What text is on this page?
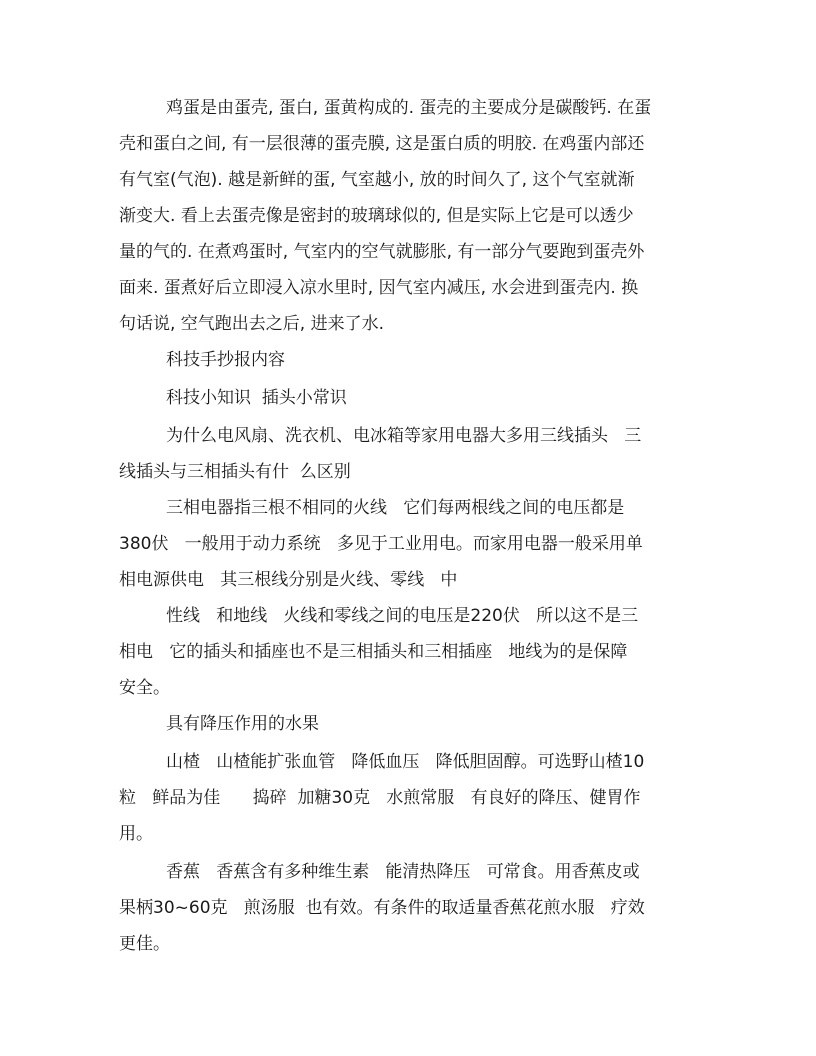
鸡蛋是由蛋壳, 蛋白, 蛋黄构成的. 蛋壳的主要成分是碳酸钙. 在蛋

壳和蛋白之间, 有一层很薄的蛋壳膜, 这是蛋白质的明胶. 在鸡蛋内部还

有气室(气泡). 越是新鲜的蛋, 气室越小, 放的时间久了, 这个气室就渐

渐变大. 看上去蛋壳像是密封的玻璃球似的, 但是实际上它是可以透少

量的气的. 在煮鸡蛋时, 气室内的空气就膨胀, 有一部分气要跑到蛋壳外

面来. 蛋煮好后立即浸入凉水里时, 因气室内减压, 水会进到蛋壳内. 换

句话说, 空气跑出去之后, 进来了水.

科技手抄报内容

科技小知识  插头小常识

为什么电风扇、洗衣机、电冰箱等家用电器大多用三线插头   三

线插头与三相插头有什  么区别

三相电器指三根不相同的火线   它们每两根线之间的电压都是

380伏   一般用于动力系统   多见于工业用电。而家用电器一般采用单

相电源供电   其三根线分别是火线、零线   中

性线   和地线   火线和零线之间的电压是220伏   所以这不是三

相电   它的插头和插座也不是三相插头和三相插座   地线为的是保障

安全。

具有降压作用的水果

山楂   山楂能扩张血管   降低血压   降低胆固醇。可选野山楂10

粒   鲜品为佳      捣碎  加糖30克   水煎常服   有良好的降压、健胃作

用。

香蕉   香蕉含有多种维生素   能清热降压   可常食。用香蕉皮或

果柄30~60克   煎汤服  也有效。有条件的取适量香蕉花煎水服   疗效

更佳。
